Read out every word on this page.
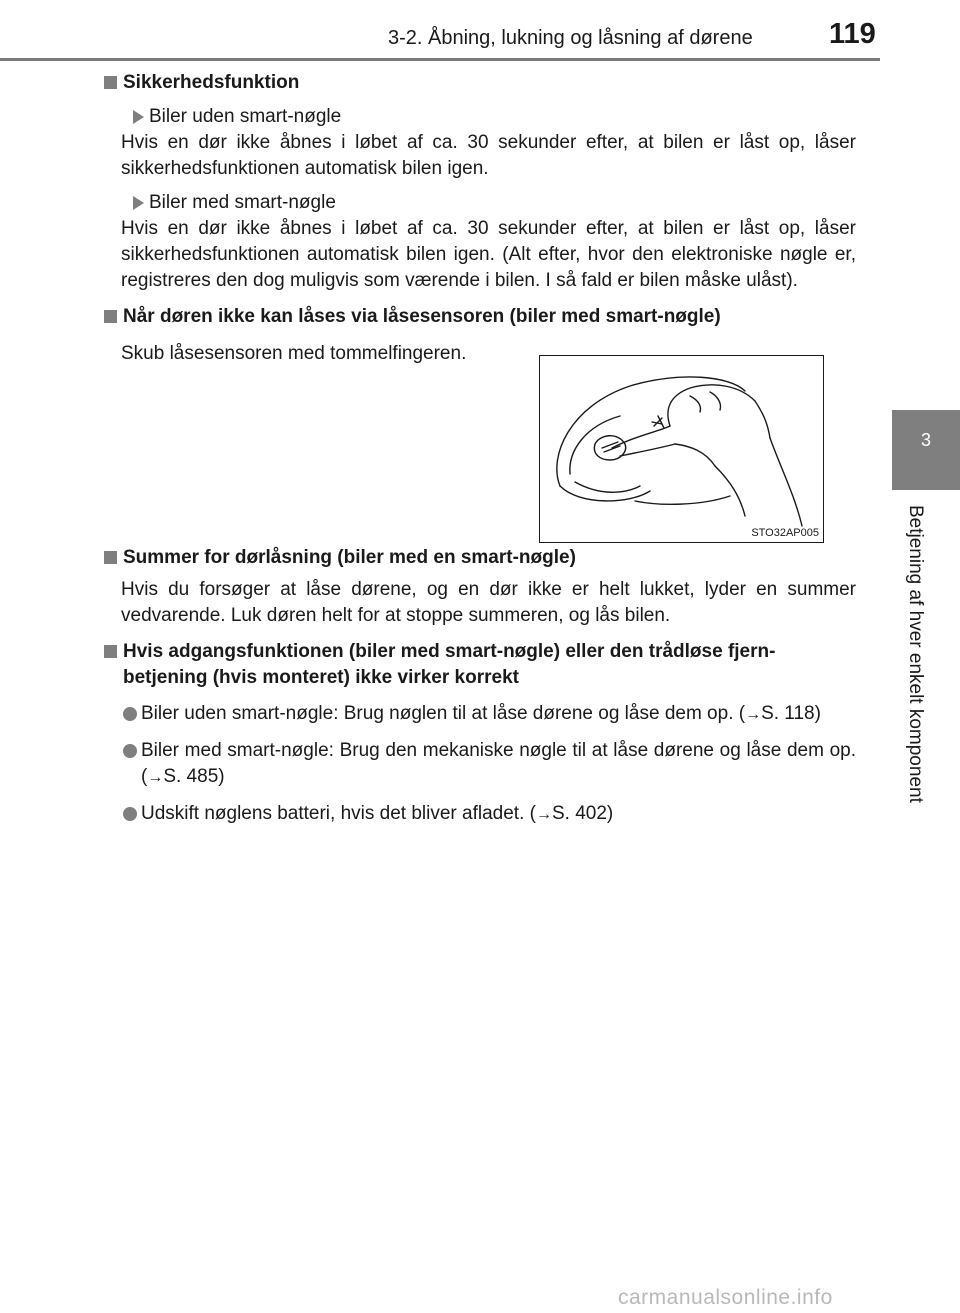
3-2. Åbning, lukning og låsning af dørene	119
3
Betjening af hver enkelt komponent
Sikkerhedsfunktion
Biler uden smart-nøgle

Hvis en dør ikke åbnes i løbet af ca. 30 sekunder efter, at bilen er låst op, låser sikkerhedsfunktionen automatisk bilen igen.

Biler med smart-nøgle

Hvis en dør ikke åbnes i løbet af ca. 30 sekunder efter, at bilen er låst op, låser sikkerhedsfunktionen automatisk bilen igen. (Alt efter, hvor den elektroniske nøgle er, registreres den dog muligvis som værende i bilen. I så fald er bilen måske ulåst).

Når døren ikke kan låses via låsesensoren (biler med smart-nøgle)

Skub låsesensoren med tommelfingeren.

Summer for dørlåsning (biler med en smart-nøgle)

Hvis du forsøger at låse dørene, og en dør ikke er helt lukket, lyder en summer vedvarende. Luk døren helt for at stoppe summeren, og lås bilen.

Hvis adgangsfunktionen (biler med smart-nøgle) eller den trådløse fjern-betjening (hvis monteret) ikke virker korrekt
Biler uden smart-nøgle: Brug nøglen til at låse dørene og låse dem op. (→S. 118)
Biler med smart-nøgle: Brug den mekaniske nøgle til at låse dørene og låse dem op. (→S. 485)
Udskift nøglens batteri, hvis det bliver afladet. (→S. 402)
STO32AP005
carmanualsonline.info
